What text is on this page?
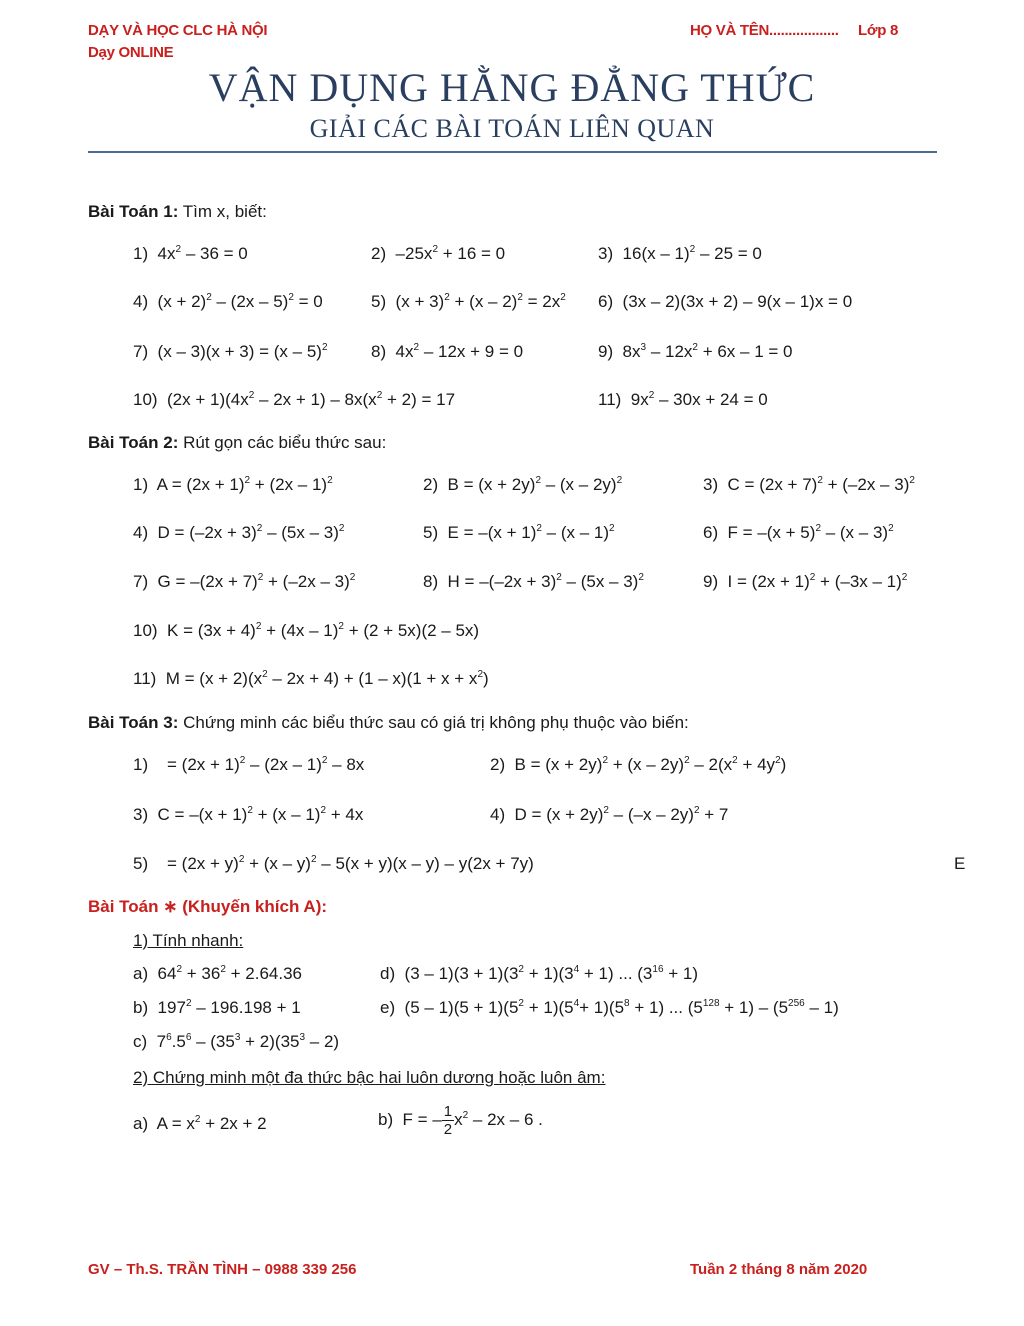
DẠY VÀ HỌC CLC HÀ NỘI
Dạy ONLINE
HỌ VÀ TÊN.................. Lớp 8
VẬN DỤNG HẰNG ĐẲNG THỨC
GIẢI CÁC BÀI TOÁN LIÊN QUAN
Bài Toán 1: Tìm x, biết:
1)  $4x^2 - 36 = 0$	2)  $-25x^2 + 16 = 0$	3)  16(x – 1)$^2$ – 25 = 0
4)  $(x + 2)^2 - (2x - 5)^2 = 0$	5)  $(x + 3)^2 + (x - 2)^2 = 2x^2$ 6)  (3x – 2)(3x + 2) – 9(x – 1)x = 0
7)  (x – 3)(x + 3) = (x – 5)$^2$	8)  $4x^2 - 12x + 9 = 0$	9)  $8x^3 - 12x^2 + 6x - 1 = 0$
10)  $(2x + 1)(4x^2 - 2x + 1) - 8x(x^2 + 2) = 17$	11)  $9x^2 - 30x + 24 = 0$
Bài Toán 2: Rút gọn các biểu thức sau:
1)  $A = (2x + 1)^2 + (2x - 1)^2$	2)  $B = (x + 2y)^2 - (x - 2y)^2$	3)  $C = (2x + 7)^2 + (-2x - 3)^2$
4)  $D = (-2x + 3)^2 - (5x - 3)^2$	5)  $E = -(x + 1)^2 - (x - 1)^2$	6)  $F = -(x + 5)^2 - (x - 3)^2$
7)  $G = -(2x + 7)^2 + (-2x - 3)^2$	8)  $H = -(-2x + 3)^2 - (5x - 3)^2$	9)  $I = (2x + 1)^2 + (-3x - 1)^2$
10)  $K = (3x + 4)^2 + (4x - 1)^2 + (2 + 5x)(2 - 5x)$
11)  $M = (x + 2)(x^2 - 2x + 4) + (1 - x)(1 + x + x^2)$
Bài Toán 3: Chứng minh các biểu thức sau có giá trị không phụ thuộc vào biến:
1)    = $(2x + 1)^2 - (2x - 1)^2 - 8x$	2)  $B = (x + 2y)^2 + (x - 2y)^2 - 2(x^2 + 4y^2)$
3)  $C = -(x + 1)^2 + (x - 1)^2 + 4x$	4)  $D = (x + 2y)^2 - (-x - 2y)^2 + 7$
5)    = $(2x + y)^2 + (x - y)^2 - 5(x + y)(x - y) - y(2x + 7y)$	E
Bài Toán ∗ (Khuyến khích A):
1) Tính nhanh:
a)  $64^2 + 36^2 + 2.64.36$	d)  $(3 - 1)(3 + 1)(3^2 + 1)(3^4 + 1)$ ... $(3^{16} + 1)$
b)  $197^2 - 196.198 + 1$	e)  $(5 - 1)(5 + 1)(5^2 + 1)(5^4+ 1)(5^8 + 1)$ ... $(5^{128} + 1) - (5^{256} - 1)$
c)  $7^6.5^6 - (35^3 + 2)(35^3 - 2)$
2) Chứng minh một đa thức bậc hai luôn dương hoặc luôn âm:
a)  $A = x^2 + 2x + 2$	b)  F = – $\frac{1}{2} x^2 - 2x - 6$ .
GV – Th.S. TRẦN TÌNH – 0988 339 256	Tuần 2 tháng 8 năm 2020
